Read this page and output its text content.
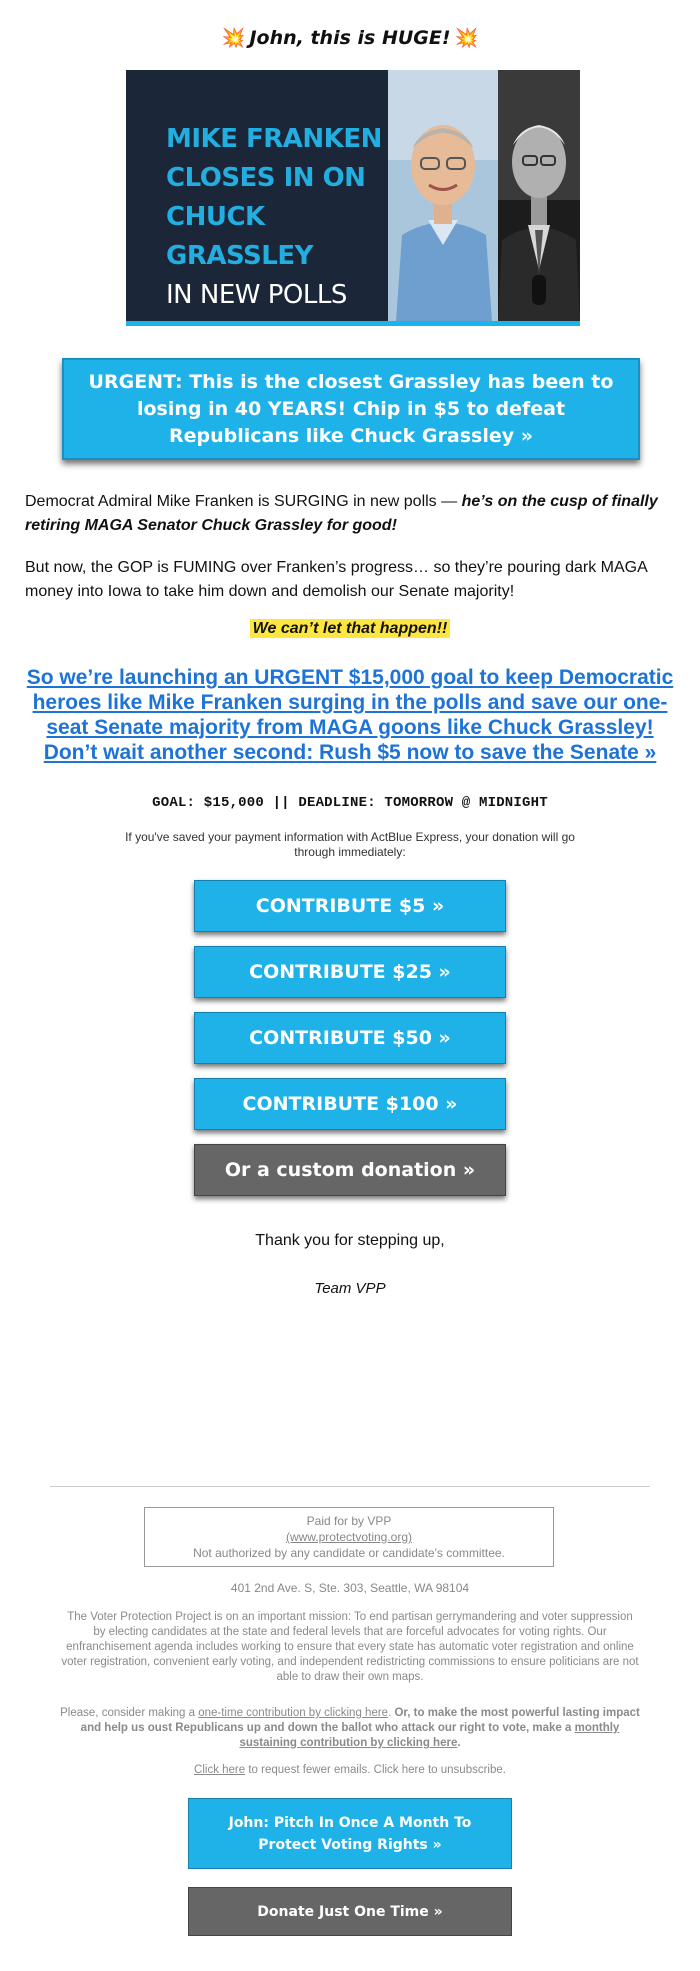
💥 John, this is HUGE! 💥
MIKE FRANKEN
CLOSES IN ON
CHUCK GRASSLEY
IN NEW POLLS
URGENT: This is the closest Grassley has been to losing in 40 YEARS! Chip in $5 to defeat Republicans like Chuck Grassley »
Democrat Admiral Mike Franken is SURGING in new polls — he’s on the cusp of finally retiring MAGA Senator Chuck Grassley for good!
But now, the GOP is FUMING over Franken’s progress… so they’re pouring dark MAGA money into Iowa to take him down and demolish our Senate majority!
We can’t let that happen!!
So we’re launching an URGENT $15,000 goal to keep Democratic heroes like Mike Franken surging in the polls and save our one-seat Senate majority from MAGA goons like Chuck Grassley! Don’t wait another second: Rush $5 now to save the Senate »
GOAL: $15,000 || DEADLINE: TOMORROW @ MIDNIGHT
If you've saved your payment information with ActBlue Express, your donation will go through immediately:
CONTRIBUTE $5 »
CONTRIBUTE $25 »
CONTRIBUTE $50 »
CONTRIBUTE $100 »
Or a custom donation »
Thank you for stepping up,
Team VPP
Paid for by VPP
(www.protectvoting.org)
Not authorized by any candidate or candidate's committee.
401 2nd Ave. S, Ste. 303, Seattle, WA 98104
The Voter Protection Project is on an important mission: To end partisan gerrymandering and voter suppression by electing candidates at the state and federal levels that are forceful advocates for voting rights. Our enfranchisement agenda includes working to ensure that every state has automatic voter registration and online voter registration, convenient early voting, and independent redistricting commissions to ensure politicians are not able to draw their own maps.
Please, consider making a one-time contribution by clicking here. Or, to make the most powerful lasting impact and help us oust Republicans up and down the ballot who attack our right to vote, make a monthly sustaining contribution by clicking here.
Click here to request fewer emails. Click here to unsubscribe.
John: Pitch In Once A Month To Protect Voting Rights »
Donate Just One Time »
